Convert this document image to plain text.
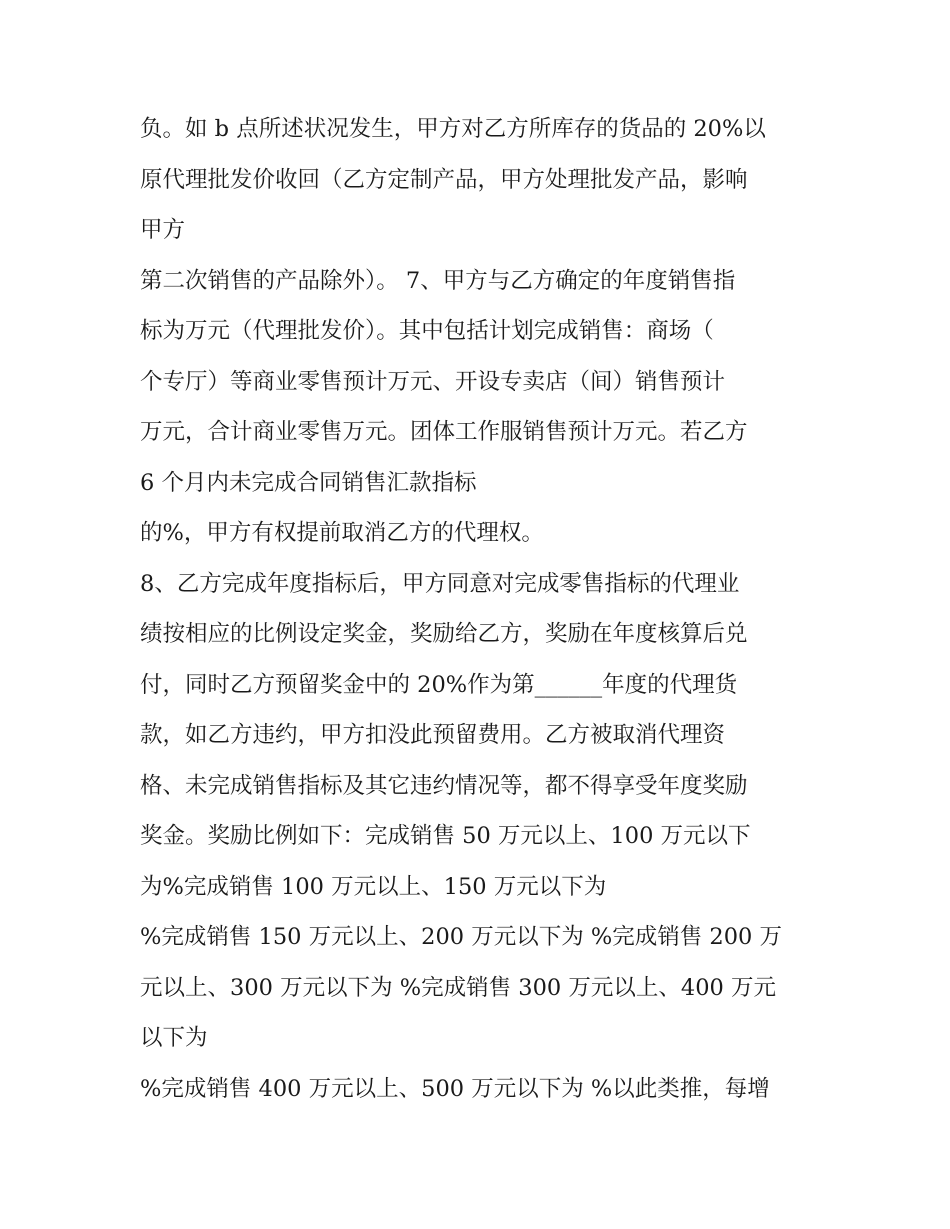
负。如 b 点所述状况发生，甲方对乙方所库存的货品的 20%以
原代理批发价收回（乙方定制产品，甲方处理批发产品，影响
甲方
第二次销售的产品除外）。 7、甲方与乙方确定的年度销售指
标为万元（代理批发价）。其中包括计划完成销售：商场（
个专厅）等商业零售预计万元、开设专卖店（间）销售预计
万元，合计商业零售万元。团体工作服销售预计万元。若乙方
6 个月内未完成合同销售汇款指标
的%，甲方有权提前取消乙方的代理权。
8、乙方完成年度指标后，甲方同意对完成零售指标的代理业
绩按相应的比例设定奖金，奖励给乙方，奖励在年度核算后兑
付，同时乙方预留奖金中的 20%作为第______年度的代理货
款，如乙方违约，甲方扣没此预留费用。乙方被取消代理资
格、未完成销售指标及其它违约情况等，都不得享受年度奖励
奖金。奖励比例如下：完成销售 50 万元以上、100 万元以下
为%完成销售 100 万元以上、150 万元以下为
%完成销售 150 万元以上、200 万元以下为 %完成销售 200 万
元以上、300 万元以下为 %完成销售 300 万元以上、400 万元
以下为
%完成销售 400 万元以上、500 万元以下为 %以此类推，每增
